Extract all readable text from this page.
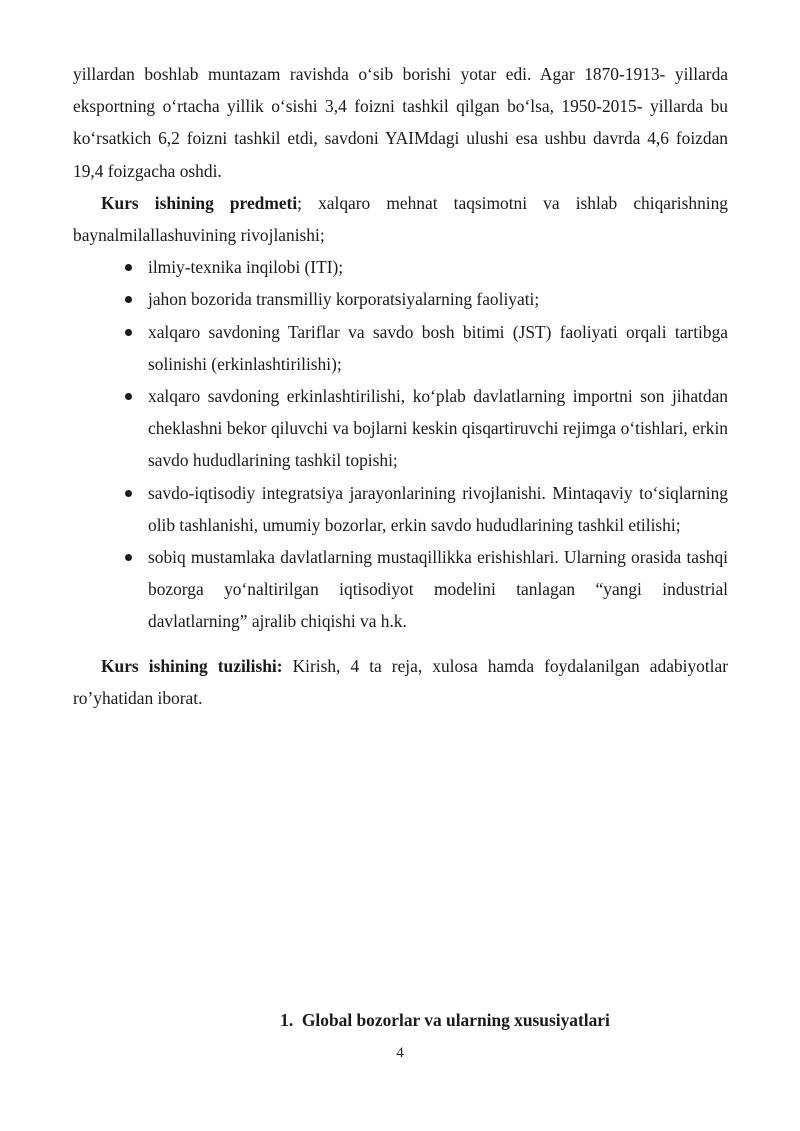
yillardan boshlab muntazam ravishda o‘sib borishi yotar edi. Agar 1870-1913- yillarda eksportning o‘rtacha yillik o‘sishi 3,4 foizni tashkil qilgan bo‘lsa, 1950-2015- yillarda bu ko‘rsatkich 6,2 foizni tashkil etdi, savdoni YAIMdagi ulushi esa ushbu davrda 4,6 foizdan 19,4 foizgacha oshdi.

Kurs ishining predmeti; xalqaro mehnat taqsimotni va ishlab chiqarishning baynalmilallashuvining rivojlanishi;

ilmiy-texnika inqilobi (ITI);
jahon bozorida transmilliy korporatsiyalarning faoliyati;
xalqaro savdoning Tariflar va savdo bosh bitimi (JST) faoliyati orqali tartibga solinishi (erkinlashtirilishi);
xalqaro savdoning erkinlashtirilishi, ko‘plab davlatlarning importni son jihatdan cheklashni bekor qiluvchi va bojlarni keskin qisqartiruvchi rejimga o‘tishlari, erkin savdo hududlarining tashkil topishi;
savdo-iqtisodiy integratsiya jarayonlarining rivojlanishi. Mintaqaviy to‘siqlarning olib tashlanishi, umumiy bozorlar, erkin savdo hududlarining tashkil etilishi;
sobiq mustamlaka davlatlarning mustaqillikka erishishlari. Ularning orasida tashqi bozorga yo‘naltirilgan iqtisodiyot modelini tanlagan “yangi industrial davlatlarning” ajralib chiqishi va h.k.

Kurs ishining tuzilishi: Kirish, 4 ta reja, xulosa hamda foydalanilgan adabiyotlar ro’yhatidan iborat.

1. Global bozorlar va ularning xususiyatlari
4
